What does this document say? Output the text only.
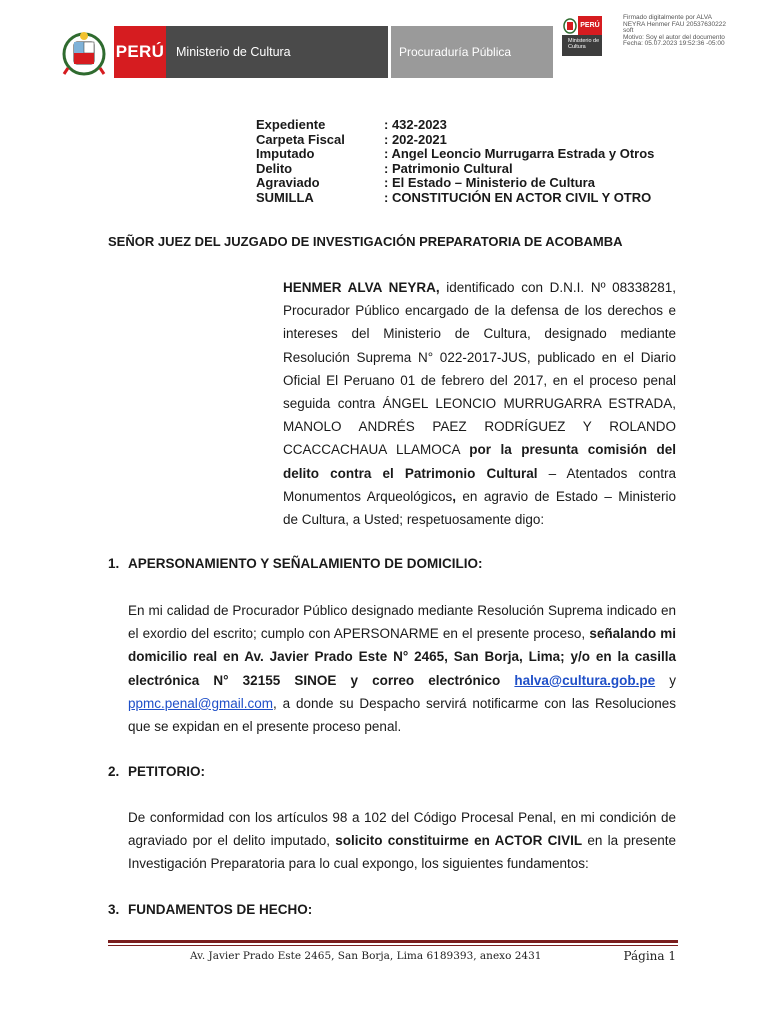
PERÚ Ministerio de Cultura	Procuraduría Pública
PERÚ
Ministerio de Cultura
Firmado digitalmente por ALVA
NEYRA Henmer FAU 20537630222
soft
Motivo: Soy el autor del documento
Fecha: 05.07.2023 19:52:36 -05:00
Expediente	: 432-2023
Carpeta Fiscal	: 202-2021
Imputado	: Angel Leoncio Murrugarra Estrada y Otros
Delito	: Patrimonio Cultural
Agraviado	: El Estado – Ministerio de Cultura
SUMILLA	: CONSTITUCIÓN EN ACTOR CIVIL Y OTRO
SEÑOR JUEZ DEL JUZGADO DE INVESTIGACIÓN PREPARATORIA DE ACOBAMBA
HENMER ALVA NEYRA, identificado con D.N.I. Nº 08338281, Procurador Público encargado de la defensa de los derechos e intereses del Ministerio de Cultura, designado mediante Resolución Suprema N° 022-2017-JUS, publicado en el Diario Oficial El Peruano 01 de febrero del 2017, en el proceso penal seguida contra ÁNGEL LEONCIO MURRUGARRA ESTRADA, MANOLO ANDRÉS PAEZ RODRÍGUEZ Y ROLANDO CCACCACHAUA LLAMOCA por la presunta comisión del delito contra el Patrimonio Cultural – Atentados contra Monumentos Arqueológicos, en agravio de Estado – Ministerio de Cultura, a Usted; respetuosamente digo:
1. APERSONAMIENTO Y SEÑALAMIENTO DE DOMICILIO:
En mi calidad de Procurador Público designado mediante Resolución Suprema indicado en el exordio del escrito; cumplo con APERSONARME en el presente proceso, señalando mi domicilio real en Av. Javier Prado Este N° 2465, San Borja, Lima; y/o en la casilla electrónica N° 32155 SINOE y correo electrónico halva@cultura.gob.pe y ppmc.penal@gmail.com, a donde su Despacho servirá notificarme con las Resoluciones que se expidan en el presente proceso penal.
2. PETITORIO:
De conformidad con los artículos 98 a 102 del Código Procesal Penal, en mi condición de agraviado por el delito imputado, solicito constituirme en ACTOR CIVIL en la presente Investigación Preparatoria para lo cual expongo, los siguientes fundamentos:
3. FUNDAMENTOS DE HECHO:
Av. Javier Prado Este 2465, San Borja, Lima 6189393, anexo 2431	Página 1
